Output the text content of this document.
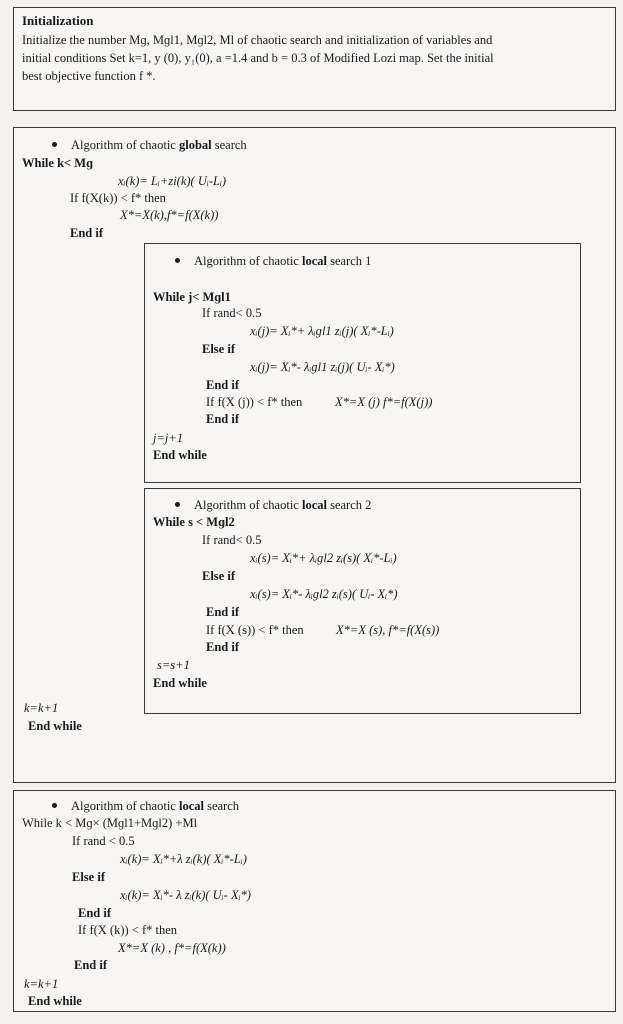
Initialization
Initialize the number Mɡ, Mɡl1, Mɡl2, Ml of chaotic search and initialization of variables and
initial conditions Set k=1, y (0), y₁(0), a =1.4 and b = 0.3 of Modified Lozi map. Set the initial
best objective function f *.
Algorithm of chaotic global search
While k< Mɡ
xᵢ(k)= Lᵢ+zi(k)( Uᵢ-Lᵢ)
If f(X(k)) < f* then
X*=X(k),f*=f(X(k))
End if
Algorithm of chaotic local search 1
While j< Mɡl1
If rand< 0.5
xᵢ(j)= Xᵢ*+ λᵢɡl1 zᵢ(j)( Xᵢ*-Lᵢ)
Else if
xᵢ(j)= Xᵢ*- λᵢɡl1 zᵢ(j)( Uᵢ- Xᵢ*)
End if
If f(X (j)) < f* then	X*=X (j) f*=f(X(j))
End if
j=j+1
End while
Algorithm of chaotic local search 2
While s < Mɡl2
If rand< 0.5
xᵢ(s)= Xᵢ*+ λᵢɡl2 zᵢ(s)( Xᵢ*-Lᵢ)
Else if
xᵢ(s)= Xᵢ*- λᵢɡl2 zᵢ(s)( Uᵢ- Xᵢ*)
End if
If f(X (s)) < f* then	X*=X (s), f*=f(X(s))
End if
s=s+1
End while
k=k+1
End while
Algorithm of chaotic local search
While k < Mɡ× (Mɡl1+Mɡl2) +Ml
If rand < 0.5
xᵢ(k)= Xᵢ*+λ zᵢ(k)( Xᵢ*-Lᵢ)
Else if
xᵢ(k)= Xᵢ*- λ zᵢ(k)( Uᵢ- Xᵢ*)
End if
If f(X (k)) < f* then
X*=X (k) , f*=f(X(k))
End if
k=k+1
End while
